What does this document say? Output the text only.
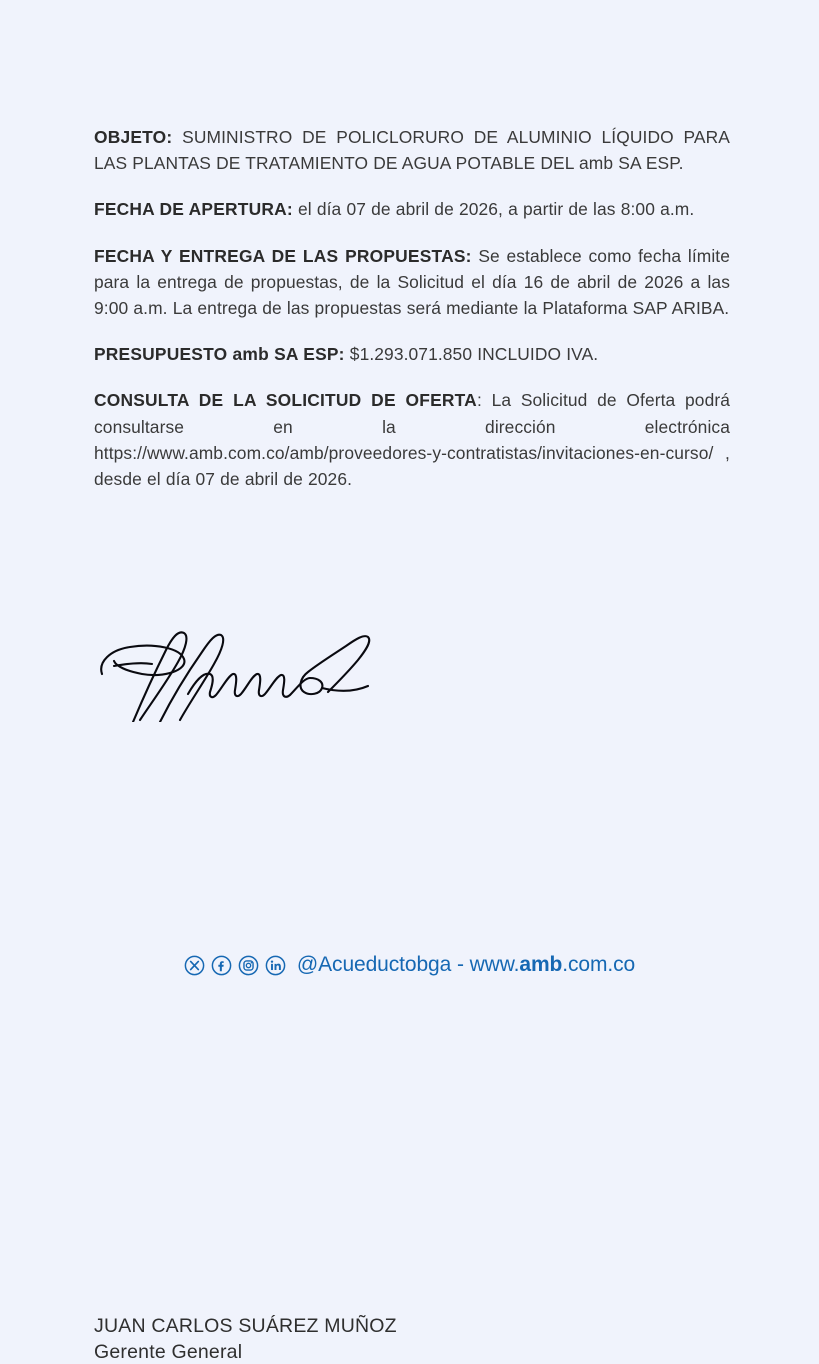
OBJETO: SUMINISTRO DE POLICLORURO DE ALUMINIO LÍQUIDO PARA LAS PLANTAS DE TRATAMIENTO DE AGUA POTABLE DEL amb SA ESP.

FECHA DE APERTURA: el día 07 de abril de 2026, a partir de las 8:00 a.m.

FECHA Y ENTREGA DE LAS PROPUESTAS: Se establece como fecha límite para la entrega de propuestas, de la Solicitud el día 16 de abril de 2026 a las 9:00 a.m. La entrega de las propuestas será mediante la Plataforma SAP ARIBA.

PRESUPUESTO amb SA ESP: $1.293.071.850 INCLUIDO IVA.

CONSULTA DE LA SOLICITUD DE OFERTA: La Solicitud de Oferta podrá consultarse en la dirección electrónica https://www.amb.com.co/amb/proveedores-y-contratistas/invitaciones-en-curso/ , desde el día 07 de abril de 2026.

JUAN CARLOS SUÁREZ MUÑOZ
Gerente General
@Acueductobga - www.amb.com.co
